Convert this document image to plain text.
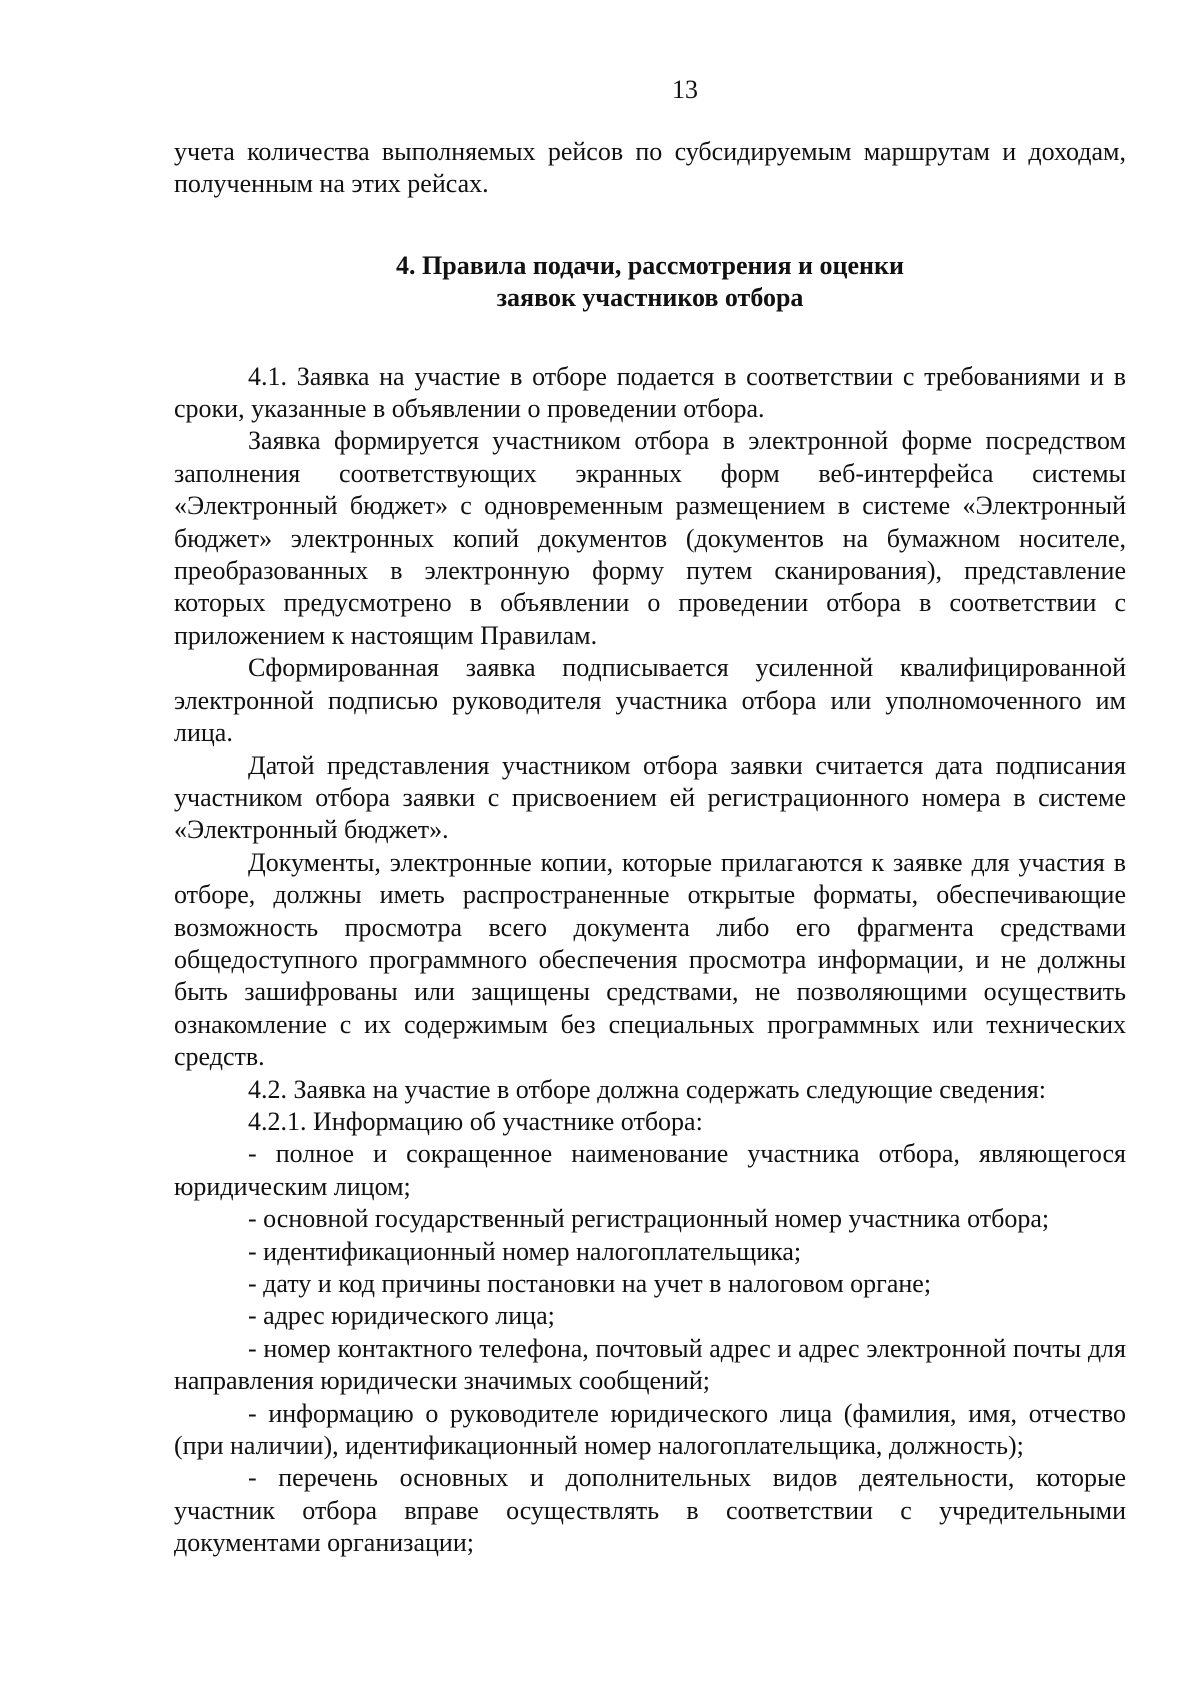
13

учета количества выполняемых рейсов по субсидируемым маршрутам и доходам, полученным на этих рейсах.

4. Правила подачи, рассмотрения и оценки
заявок участников отбора

4.1. Заявка на участие в отборе подается в соответствии с требованиями и в сроки, указанные в объявлении о проведении отбора.

Заявка формируется участником отбора в электронной форме посредством заполнения соответствующих экранных форм веб-интерфейса системы «Электронный бюджет» с одновременным размещением в системе «Электронный бюджет» электронных копий документов (документов на бумажном носителе, преобразованных в электронную форму путем сканирования), представление которых предусмотрено в объявлении о проведении отбора в соответствии с приложением к настоящим Правилам.

Сформированная заявка подписывается усиленной квалифицированной электронной подписью руководителя участника отбора или уполномоченного им лица.

Датой представления участником отбора заявки считается дата подписания участником отбора заявки с присвоением ей регистрационного номера в системе «Электронный бюджет».

Документы, электронные копии, которые прилагаются к заявке для участия в отборе, должны иметь распространенные открытые форматы, обеспечивающие возможность просмотра всего документа либо его фрагмента средствами общедоступного программного обеспечения просмотра информации, и не должны быть зашифрованы или защищены средствами, не позволяющими осуществить ознакомление с их содержимым без специальных программных или технических средств.

4.2. Заявка на участие в отборе должна содержать следующие сведения:

4.2.1. Информацию об участнике отбора:

- полное и сокращенное наименование участника отбора, являющегося юридическим лицом;

- основной государственный регистрационный номер участника отбора;

- идентификационный номер налогоплательщика;

- дату и код причины постановки на учет в налоговом органе;

- адрес юридического лица;

- номер контактного телефона, почтовый адрес и адрес электронной почты для направления юридически значимых сообщений;

- информацию о руководителе юридического лица (фамилия, имя, отчество (при наличии), идентификационный номер налогоплательщика, должность);

- перечень основных и дополнительных видов деятельности, которые участник отбора вправе осуществлять в соответствии с учредительными документами организации;
